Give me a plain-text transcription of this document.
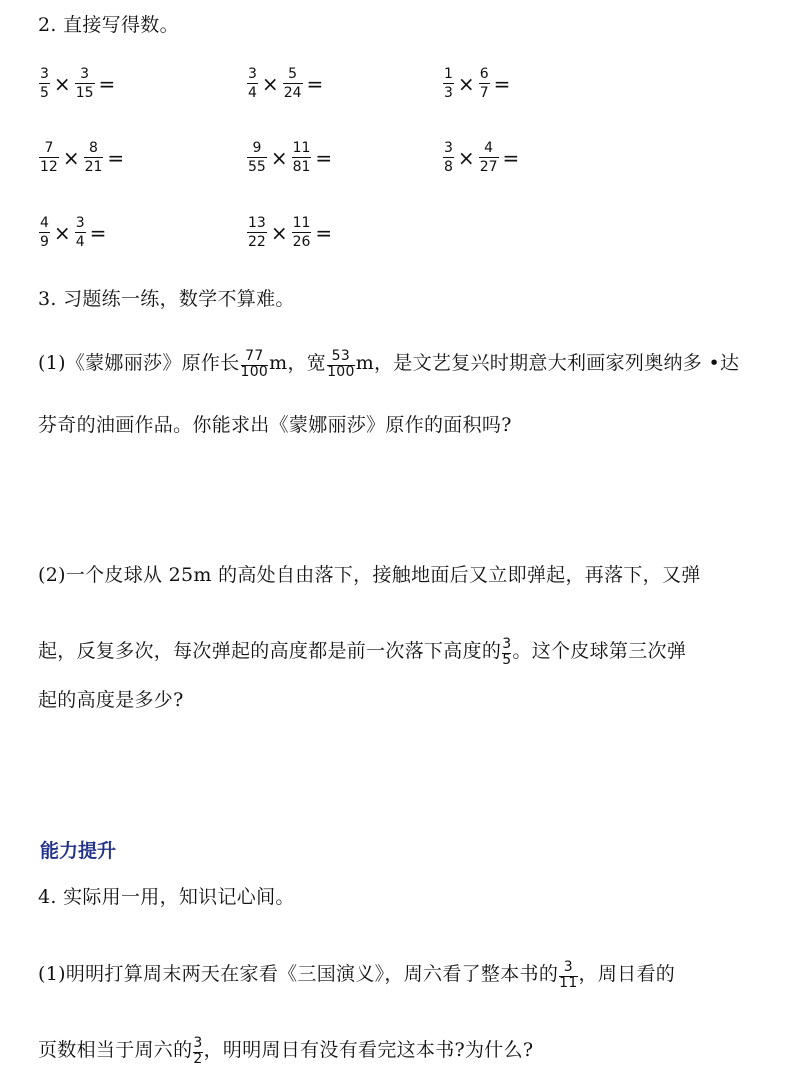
2. 直接写得数。
$\frac{3}{5} \times \frac{3}{15}$ =	$\frac{3}{4} \times \frac{5}{24}$ =	$\frac{1}{3} \times \frac{6}{7}$ =
$\frac{7}{12} \times \frac{8}{21}$ =	$\frac{9}{55} \times \frac{11}{81}$ =	$\frac{3}{8} \times \frac{4}{27}$ =
$\frac{4}{9} \times \frac{3}{4}$ =	$\frac{13}{22} \times \frac{11}{26}$ =
3. 习题练一练，数学不算难。
(1)《蒙娜丽莎》原作长 $\frac{77}{100}$ m，宽 $\frac{53}{100}$ m，是文艺复兴时期意大利画家列奥纳多 •达
芬奇的油画作品。你能求出《蒙娜丽莎》原作的面积吗?
(2)一个皮球从 25m 的高处自由落下，接触地面后又立即弹起，再落下，又弹
起，反复多次，每次弹起的高度都是前一次落下高度的 $\frac{3}{5}$ 。这个皮球第三次弹
起的高度是多少?
能力提升
4. 实际用一用，知识记心间。
(1)明明打算周末两天在家看《三国演义》，周六看了整本书的 $\frac{3}{11}$ ，周日看的
页数相当于周六的 $\frac{3}{2}$ ，明明周日有没有看完这本书?为什么?
